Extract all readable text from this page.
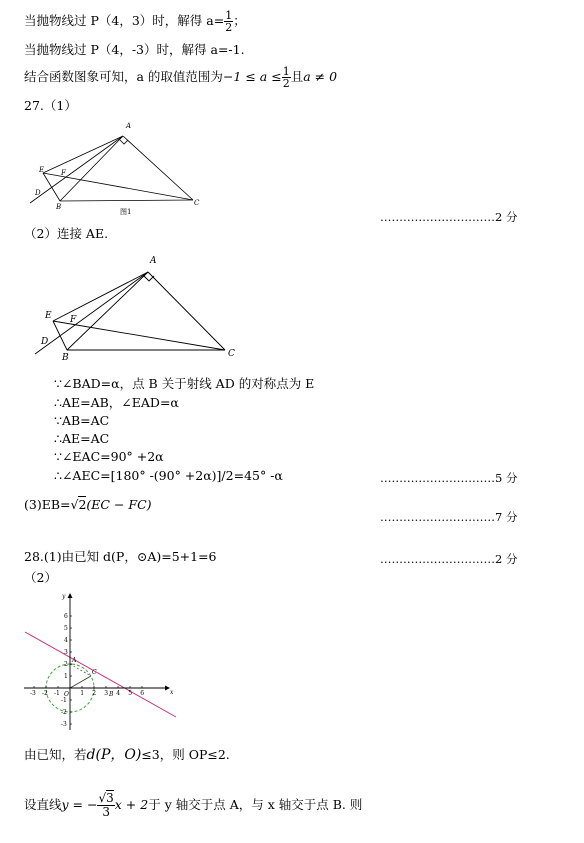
当抛物线过 P（4，3）时，解得 $a= \frac{1}{2}$ ；
当抛物线过 P（4，-3）时，解得 a=-1.
结合函数图象可知，a 的取值范围为$-1 \le a \le \frac{1}{2}$ 且a ≠ 0
27.（1）
A
B	C
D
E F
图1	…………………………2 分
（2）连接 AE.
A
B	C
D
E F
∵∠BAD=α，点 B 关于射线 AD 的对称点为 E
∴AE=AB，∠EAD=α
∵AB=AC
∴AE=AC
∵∠EAC=90° +2α
∴∠AEC=[180° -(90° +2α)]/2=45° -α	…………………………5 分
(3)EB=√2(EC − FC)
…………………………7 分
28.(1)由已知 d(P，⊙A)=5+1=6	…………………………2 分
（2）
x
y
O
A
B
C
-3 -2 -1	1 2 3 4 5 6
6
5
4
3
2
1
-1
-2
-3
由已知，若d(P，O)≤3，则 OP≤2.
设直线y = − $\frac{√3}{3}$ x + 2于 y 轴交于点 A，与 x 轴交于点 B. 则
